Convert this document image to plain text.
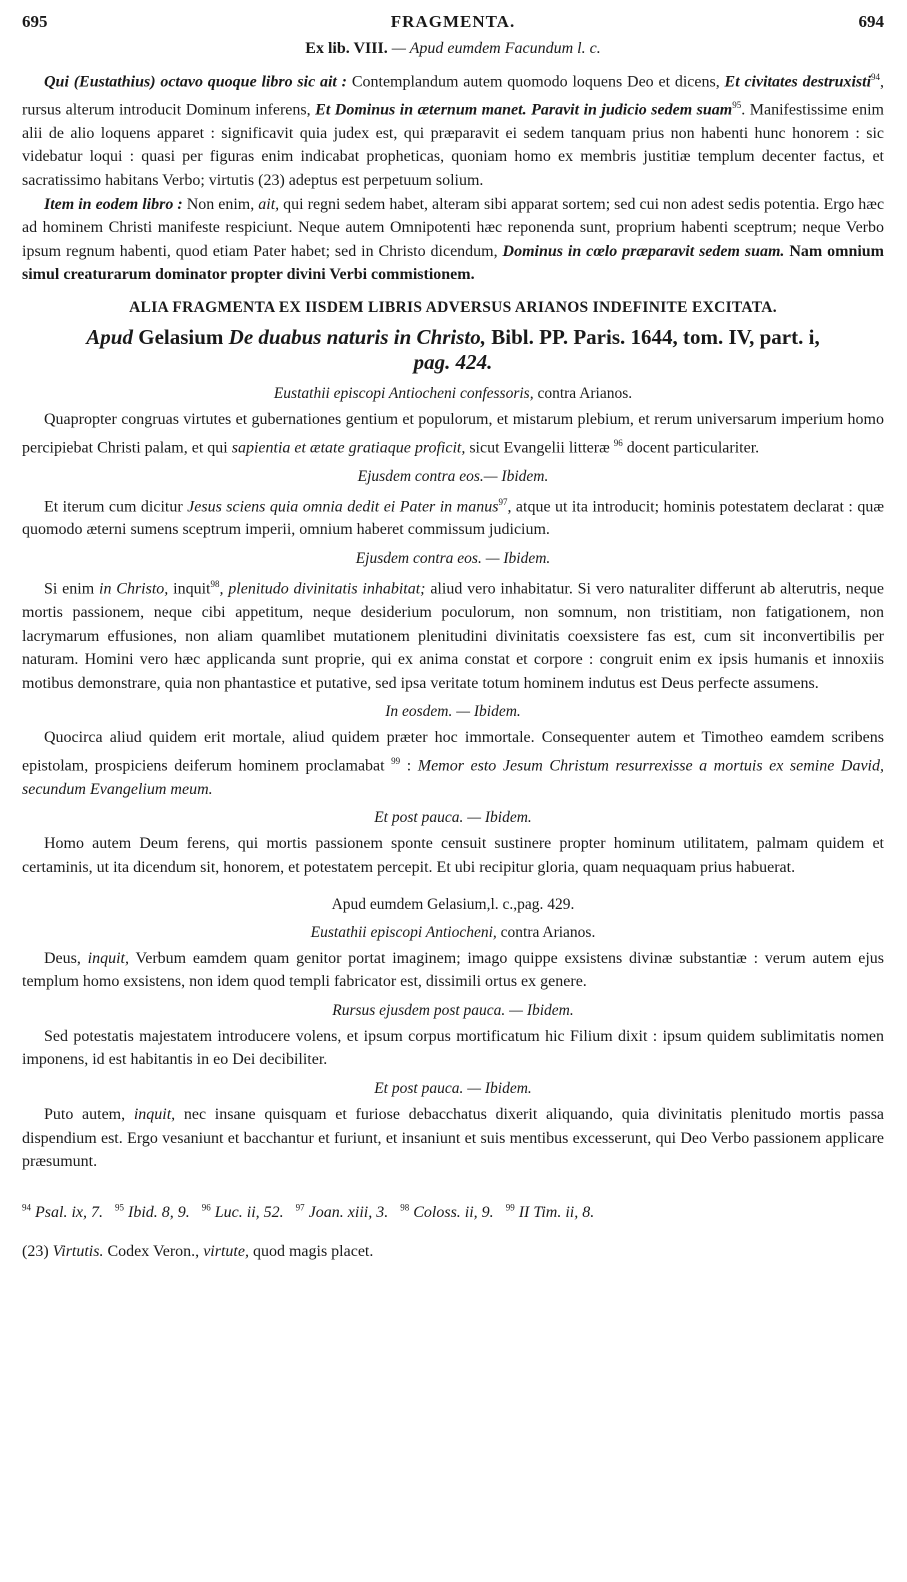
695	FRAGMENTA.	694
Ex lib. VIII. — Apud eumdem Facundum l. c.

Qui (Eustathius) octavo quoque libro sic ait : Contemplandum autem quomodo loquens Deo et dicens, Et civitates destruxisti$^{94}$, rursus alterum introducit Dominum inferens, Et Dominus in æternum manet. Paravit in judicio sedem suam$^{95}$. Manifestissime enim alii de alio loquens apparet : significavit quia judex est, qui præparavit ei sedem tanquam prius non habenti hunc honorem : sic videbatur loqui : quasi per figuras enim indicabat propheticas, quoniam homo ex membris justitiæ templum decenter factus, et sacratissimo habitans Verbo; virtutis (23) adeptus est perpetuum solium.

Item in eodem libro : Non enim, ait, qui regni sedem habet, alteram sibi apparat sortem; sed cui non adest sedis potentia. Ergo hæc ad hominem Christi manifeste respiciunt. Neque autem Omnipotenti hæc reponenda sunt, proprium habenti sceptrum; neque Verbo ipsum regnum habenti, quod etiam Pater habet; sed in Christo dicendum, Dominus in cœlo præparavit sedem suam. Nam omnium simul creaturarum dominator propter divini Verbi commistionem.

ALIA FRAGMENTA EX IISDEM LIBRIS ADVERSUS ARIANOS INDEFINITE EXCITATA.
Apud Gelasium De duabus naturis in Christo, Bibl. PP. Paris. 1644, tom. IV, part. i,
pag. 424.
Eustathii episcopi Antiocheni confessoris, contra Arianos.

Quapropter congruas virtutes et gubernationes gentium et populorum, et mistarum plebium, et rerum universarum imperium homo percipiebat Christi palam, et qui sapientia et ætate gratiaque proficit, sicut Evangelii litteræ $^{96}$ docent particulariter.

Ejusdem contra eos.— Ibidem.

Et iterum cum dicitur Jesus sciens quia omnia dedit ei Pater in manus$^{97}$, atque ut ita introducit; hominis potestatem declarat : quæ quomodo æterni sumens sceptrum imperii, omnium haberet commissum judicium.

Ejusdem contra eos. — Ibidem.

Si enim in Christo, inquit$^{98}$, plenitudo divinitatis inhabitat; aliud vero inhabitatur. Si vero naturaliter differunt ab alterutris, neque mortis passionem, neque cibi appetitum, neque desiderium poculorum, non somnum, non tristitiam, non fatigationem, non lacrymarum effusiones, non aliam quamlibet mutationem plenitudini divinitatis coexsistere fas est, cum sit inconvertibilis per naturam. Homini vero hæc applicanda sunt proprie, qui ex anima constat et corpore : congruit enim ex ipsis humanis et innoxiis motibus demonstrare, quia non phantastice et putative, sed ipsa veritate totum hominem indutus est Deus perfecte assumens.

In eosdem. — Ibidem.

Quocirca aliud quidem erit mortale, aliud quidem præter hoc immortale. Consequenter autem et Timotheo eamdem scribens epistolam, prospiciens deiferum hominem proclamabat $^{99}$ : Memor esto Jesum Christum resurrexisse a mortuis ex semine David, secundum Evangelium meum.

Et post pauca. — Ibidem.

Homo autem Deum ferens, qui mortis passionem sponte censuit sustinere propter hominum utilitatem, palmam quidem et certaminis, ut ita dicendum sit, honorem, et potestatem percepit. Et ubi recipitur gloria, quam nequaquam prius habuerat.

Apud eumdem Gelasium,l. c.,pag. 429.
Eustathii episcopi Antiocheni, contra Arianos.

Deus, inquit, Verbum eamdem quam genitor portat imaginem; imago quippe exsistens divinæ substantiæ : verum autem ejus templum homo exsistens, non idem quod templi fabricator est, dissimili ortus ex genere.

Rursus ejusdem post pauca. — Ibidem.

Sed potestatis majestatem introducere volens, et ipsum corpus mortificatum hic Filium dixit : ipsum quidem sublimitatis nomen imponens, id est habitantis in eo Dei decibiliter.

Et post pauca. — Ibidem.

Puto autem, inquit, nec insane quisquam et furiose debacchatus dixerit aliquando, quia divinitatis plenitudo mortis passa dispendium est. Ergo vesaniunt et bacchantur et furiunt, et insaniunt et suis mentibus excesserunt, qui Deo Verbo passionem applicare præsumunt.

$^{94}$ Psal. ix, 7. $^{95}$ Ibid. 8, 9. $^{96}$ Luc. ii, 52. $^{97}$ Joan. xiii, 3. $^{98}$ Coloss. ii, 9. $^{99}$ II Tim. ii, 8.
(23) Virtutis. Codex Veron., virtute, quod magis placet.
